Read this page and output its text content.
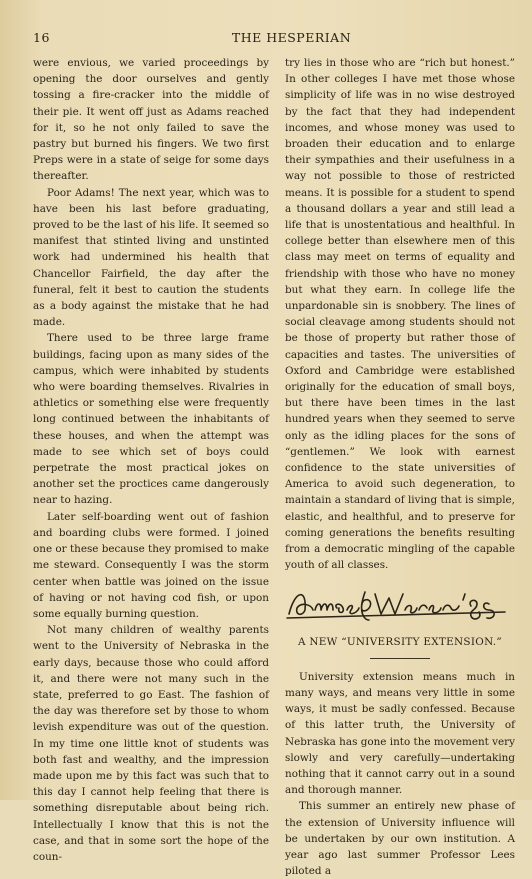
16	THE HESPERIAN

were envious, we varied proceedings by opening the door ourselves and gently tossing a fire-cracker into the middle of their pie. It went off just as Adams reached for it, so he not only failed to save the pastry but burned his fingers. We two first Preps were in a state of seige for some days thereafter.

Poor Adams! The next year, which was to have been his last before graduating, proved to be the last of his life. It seemed so manifest that stinted living and unstinted work had undermined his health that Chancellor Fairfield, the day after the funeral, felt it best to caution the students as a body against the mistake that he had made.

There used to be three large frame buildings, facing upon as many sides of the campus, which were inhabited by students who were boarding themselves. Rivalries in athletics or something else were frequently long continued between the inhabitants of these houses, and when the attempt was made to see which set of boys could perpetrate the most practical jokes on another set the proctices came dangerously near to hazing.

Later self-boarding went out of fashion and boarding clubs were formed. I joined one or these because they promised to make me steward. Consequently I was the storm center when battle was joined on the issue of having or not having cod fish, or upon some equally burning question.

Not many children of wealthy parents went to the University of Nebraska in the early days, because those who could afford it, and there were not many such in the state, preferred to go East. The fashion of the day was therefore set by those to whom levish expenditure was out of the question. In my time one little knot of students was both fast and wealthy, and the impression made upon me by this fact was such that to this day I cannot help feeling that there is something disreputable about being rich. Intellectually I know that this is not the case, and that in some sort the hope of the coun-

try lies in those who are “rich but honest.” In other colleges I have met those whose simplicity of life was in no wise destroyed by the fact that they had independent incomes, and whose money was used to broaden their education and to enlarge their sympathies and their usefulness in a way not possible to those of restricted means. It is possible for a student to spend a thousand dollars a year and still lead a life that is unostentatious and healthful. In college better than elsewhere men of this class may meet on terms of equality and friendship with those who have no money but what they earn. In college life the unpardonable sin is snobbery. The lines of social cleavage among students should not be those of property but rather those of capacities and tastes. The universities of Oxford and Cambridge were established originally for the education of small boys, but there have been times in the last hundred years when they seemed to serve only as the idling places for the sons of “gentlemen.” We look with earnest confidence to the state universities of America to avoid such degeneration, to maintain a standard of living that is simple, elastic, and healthful, and to preserve for coming generations the benefits resulting from a democratic mingling of the capable youth of all classes.

A NEW “UNIVERSITY EXTENSION.”

University extension means much in many ways, and means very little in some ways, it must be sadly confessed. Because of this latter truth, the University of Nebraska has gone into the movement very slowly and very carefully—undertaking nothing that it cannot carry out in a sound and thorough manner.

This summer an entirely new phase of the extension of University influence will be undertaken by our own institution. A year ago last summer Professor Lees piloted a
